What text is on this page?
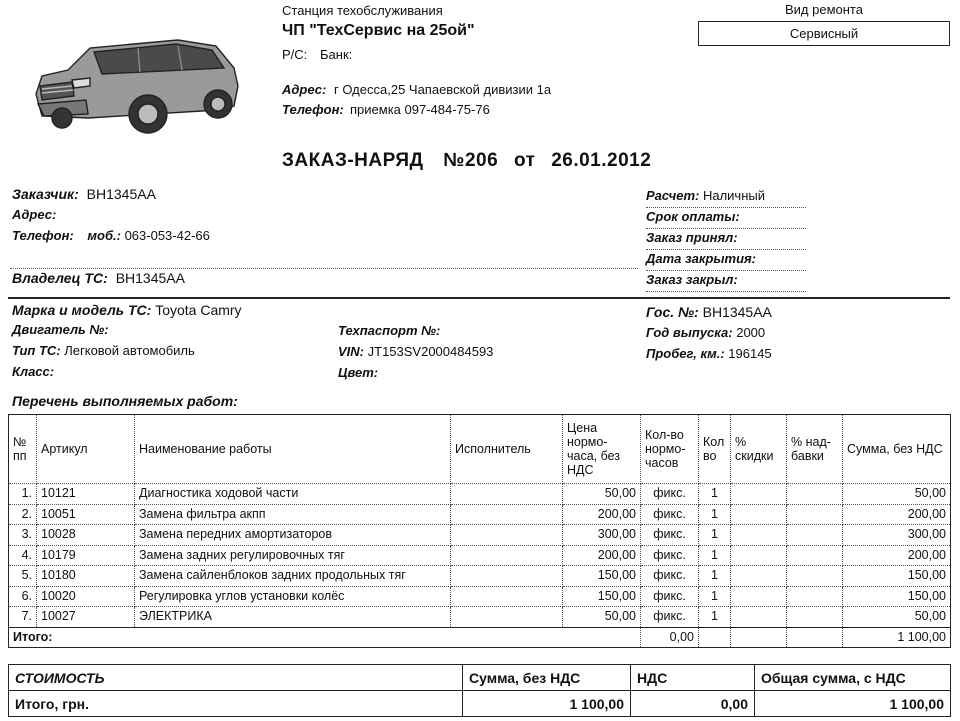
Станция техобслуживания
ЧП "ТехСервис на 25ой"
Р/С: Банк:
Адрес: г Одесса,25 Чапаевской дивизии 1а
Телефон: приемка 097-484-75-76
Вид ремонта
Сервисный
ЗАКАЗ-НАРЯД №206 от 26.01.2012
Заказчик: ВН1345АА
Адрес:
Телефон: моб.: 063-053-42-66
Владелец ТС: ВН1345АА
Расчет: Наличный
Срок оплаты:
Заказ принял:
Дата закрытия:
Заказ закрыл:
Марка и модель ТС: Toyota Camry
Двигатель №:
Тип ТС: Легковой автомобиль
Класс:
Техпаспорт №:
VIN: JT153SV2000484593
Цвет:
Гос. №: ВН1345АА
Год выпуска: 2000
Пробег, км.: 196145
Перечень выполняемых работ:
№ пп	Артикул	Наименование работы	Исполнитель	Цена нормо-часа, без НДС	Кол-во нормо-часов	Кол во	% скидки	% над-бавки	Сумма, без НДС
1.	10121	Диагностика ходовой части		50,00	фикс.	1			50,00
2.	10051	Замена фильтра акпп		200,00	фикс.	1			200,00
3.	10028	Замена передних амортизаторов		300,00	фикс.	1			300,00
4.	10179	Замена задних регулировочных тяг		200,00	фикс.	1			200,00
5.	10180	Замена сайленблоков задних продольных тяг		150,00	фикс.	1			150,00
6.	10020	Регулировка углов установки колёс		150,00	фикс.	1			150,00
7.	10027	ЭЛЕКТРИКА		50,00	фикс.	1			50,00
Итого:					0,00				1 100,00
СТОИМОСТЬ	Сумма, без НДС	НДС	Общая сумма, с НДС
Итого, грн.	1 100,00	0,00	1 100,00
